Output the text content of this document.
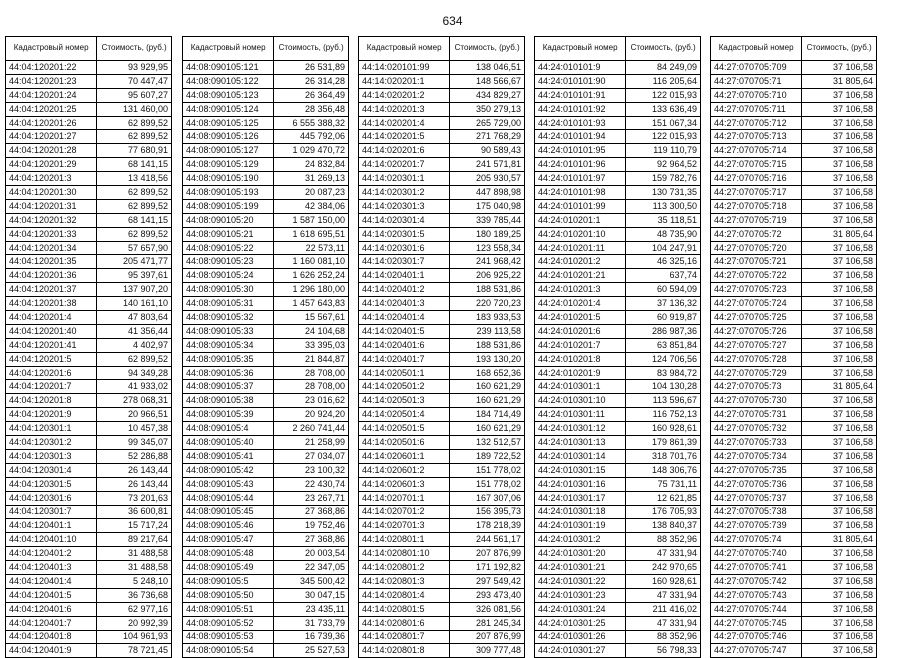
634
Кадастровый номер	Стоимость, (руб.)
44:04:120201:22	93 929,95
44:04:120201:23	70 447,47
44:04:120201:24	95 607,27
44:04:120201:25	131 460,00
44:04:120201:26	62 899,52
44:04:120201:27	62 899,52
44:04:120201:28	77 680,91
44:04:120201:29	68 141,15
44:04:120201:3	13 418,56
44:04:120201:30	62 899,52
44:04:120201:31	62 899,52
44:04:120201:32	68 141,15
44:04:120201:33	62 899,52
44:04:120201:34	57 657,90
44:04:120201:35	205 471,77
44:04:120201:36	95 397,61
44:04:120201:37	137 907,20
44:04:120201:38	140 161,10
44:04:120201:4	47 803,64
44:04:120201:40	41 356,44
44:04:120201:41	4 402,97
44:04:120201:5	62 899,52
44:04:120201:6	94 349,28
44:04:120201:7	41 933,02
44:04:120201:8	278 068,31
44:04:120201:9	20 966,51
44:04:120301:1	10 457,38
44:04:120301:2	99 345,07
44:04:120301:3	52 286,88
44:04:120301:4	26 143,44
44:04:120301:5	26 143,44
44:04:120301:6	73 201,63
44:04:120301:7	36 600,81
44:04:120401:1	15 717,24
44:04:120401:10	89 217,64
44:04:120401:2	31 488,58
44:04:120401:3	31 488,58
44:04:120401:4	5 248,10
44:04:120401:5	36 736,68
44:04:120401:6	62 977,16
44:04:120401:7	20 992,39
44:04:120401:8	104 961,93
44:04:120401:9	78 721,45
Кадастровый номер	Стоимость, (руб.)
44:08:090105:121	26 531,89
44:08:090105:122	26 314,28
44:08:090105:123	26 364,49
44:08:090105:124	28 356,48
44:08:090105:125	6 555 388,32
44:08:090105:126	445 792,06
44:08:090105:127	1 029 470,72
44:08:090105:129	24 832,84
44:08:090105:190	31 269,13
44:08:090105:193	20 087,23
44:08:090105:199	42 384,06
44:08:090105:20	1 587 150,00
44:08:090105:21	1 618 695,51
44:08:090105:22	22 573,11
44:08:090105:23	1 160 081,10
44:08:090105:24	1 626 252,24
44:08:090105:30	1 296 180,00
44:08:090105:31	1 457 643,83
44:08:090105:32	15 567,61
44:08:090105:33	24 104,68
44:08:090105:34	33 395,03
44:08:090105:35	21 844,87
44:08:090105:36	28 708,00
44:08:090105:37	28 708,00
44:08:090105:38	23 016,62
44:08:090105:39	20 924,20
44:08:090105:4	2 260 741,44
44:08:090105:40	21 258,99
44:08:090105:41	27 034,07
44:08:090105:42	23 100,32
44:08:090105:43	22 430,74
44:08:090105:44	23 267,71
44:08:090105:45	27 368,86
44:08:090105:46	19 752,46
44:08:090105:47	27 368,86
44:08:090105:48	20 003,54
44:08:090105:49	22 347,05
44:08:090105:5	345 500,42
44:08:090105:50	30 047,15
44:08:090105:51	23 435,11
44:08:090105:52	31 733,79
44:08:090105:53	16 739,36
44:08:090105:54	25 527,53
Кадастровый номер	Стоимость, (руб.)
44:14:020101:99	138 046,51
44:14:020201:1	148 566,67
44:14:020201:2	434 829,27
44:14:020201:3	350 279,13
44:14:020201:4	265 729,00
44:14:020201:5	271 768,29
44:14:020201:6	90 589,43
44:14:020201:7	241 571,81
44:14:020301:1	205 930,57
44:14:020301:2	447 898,98
44:14:020301:3	175 040,98
44:14:020301:4	339 785,44
44:14:020301:5	180 189,25
44:14:020301:6	123 558,34
44:14:020301:7	241 968,42
44:14:020401:1	206 925,22
44:14:020401:2	188 531,86
44:14:020401:3	220 720,23
44:14:020401:4	183 933,53
44:14:020401:5	239 113,58
44:14:020401:6	188 531,86
44:14:020401:7	193 130,20
44:14:020501:1	168 652,36
44:14:020501:2	160 621,29
44:14:020501:3	160 621,29
44:14:020501:4	184 714,49
44:14:020501:5	160 621,29
44:14:020501:6	132 512,57
44:14:020601:1	189 722,52
44:14:020601:2	151 778,02
44:14:020601:3	151 778,02
44:14:020701:1	167 307,06
44:14:020701:2	156 395,73
44:14:020701:3	178 218,39
44:14:020801:1	244 561,17
44:14:020801:10	207 876,99
44:14:020801:2	171 192,82
44:14:020801:3	297 549,42
44:14:020801:4	293 473,40
44:14:020801:5	326 081,56
44:14:020801:6	281 245,34
44:14:020801:7	207 876,99
44:14:020801:8	309 777,48
Кадастровый номер	Стоимость, (руб.)
44:24:010101:9	84 249,09
44:24:010101:90	116 205,64
44:24:010101:91	122 015,93
44:24:010101:92	133 636,49
44:24:010101:93	151 067,34
44:24:010101:94	122 015,93
44:24:010101:95	119 110,79
44:24:010101:96	92 964,52
44:24:010101:97	159 782,76
44:24:010101:98	130 731,35
44:24:010101:99	113 300,50
44:24:010201:1	35 118,51
44:24:010201:10	48 735,90
44:24:010201:11	104 247,91
44:24:010201:2	46 325,16
44:24:010201:21	637,74
44:24:010201:3	60 594,09
44:24:010201:4	37 136,32
44:24:010201:5	60 919,87
44:24:010201:6	286 987,36
44:24:010201:7	63 851,84
44:24:010201:8	124 706,56
44:24:010201:9	83 984,72
44:24:010301:1	104 130,28
44:24:010301:10	113 596,67
44:24:010301:11	116 752,13
44:24:010301:12	160 928,61
44:24:010301:13	179 861,39
44:24:010301:14	318 701,76
44:24:010301:15	148 306,76
44:24:010301:16	75 731,11
44:24:010301:17	12 621,85
44:24:010301:18	176 705,93
44:24:010301:19	138 840,37
44:24:010301:2	88 352,96
44:24:010301:20	47 331,94
44:24:010301:21	242 970,65
44:24:010301:22	160 928,61
44:24:010301:23	47 331,94
44:24:010301:24	211 416,02
44:24:010301:25	47 331,94
44:24:010301:26	88 352,96
44:24:010301:27	56 798,33
Кадастровый номер	Стоимость, (руб.)
44:27:070705:709	37 106,58
44:27:070705:71	31 805,64
44:27:070705:710	37 106,58
44:27:070705:711	37 106,58
44:27:070705:712	37 106,58
44:27:070705:713	37 106,58
44:27:070705:714	37 106,58
44:27:070705:715	37 106,58
44:27:070705:716	37 106,58
44:27:070705:717	37 106,58
44:27:070705:718	37 106,58
44:27:070705:719	37 106,58
44:27:070705:72	31 805,64
44:27:070705:720	37 106,58
44:27:070705:721	37 106,58
44:27:070705:722	37 106,58
44:27:070705:723	37 106,58
44:27:070705:724	37 106,58
44:27:070705:725	37 106,58
44:27:070705:726	37 106,58
44:27:070705:727	37 106,58
44:27:070705:728	37 106,58
44:27:070705:729	37 106,58
44:27:070705:73	31 805,64
44:27:070705:730	37 106,58
44:27:070705:731	37 106,58
44:27:070705:732	37 106,58
44:27:070705:733	37 106,58
44:27:070705:734	37 106,58
44:27:070705:735	37 106,58
44:27:070705:736	37 106,58
44:27:070705:737	37 106,58
44:27:070705:738	37 106,58
44:27:070705:739	37 106,58
44:27:070705:74	31 805,64
44:27:070705:740	37 106,58
44:27:070705:741	37 106,58
44:27:070705:742	37 106,58
44:27:070705:743	37 106,58
44:27:070705:744	37 106,58
44:27:070705:745	37 106,58
44:27:070705:746	37 106,58
44:27:070705:747	37 106,58
